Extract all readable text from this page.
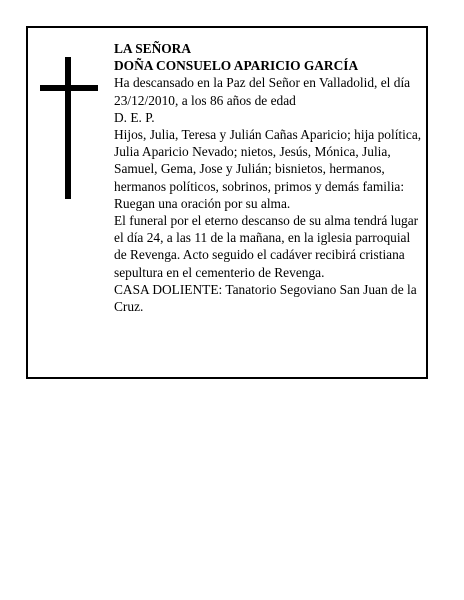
LA SEÑORA

DOÑA CONSUELO APARICIO GARCÍA

Ha descansado en la Paz del Señor en Valladolid, el día 23/12/2010, a los 86 años de edad

D. E. P.

Hijos, Julia, Teresa y Julián Cañas Aparicio; hija política, Julia Aparicio Nevado; nietos, Jesús, Mónica, Julia, Samuel, Gema, Jose y Julián; bisnietos, hermanos, hermanos políticos, sobrinos, primos y demás familia:

Ruegan una oración por su alma.

El funeral por el eterno descanso de su alma tendrá lugar el día 24, a las 11 de la mañana, en la iglesia parroquial de Revenga. Acto seguido el cadáver recibirá cristiana sepultura en el cementerio de Revenga.

CASA DOLIENTE: Tanatorio Segoviano San Juan de la Cruz.
